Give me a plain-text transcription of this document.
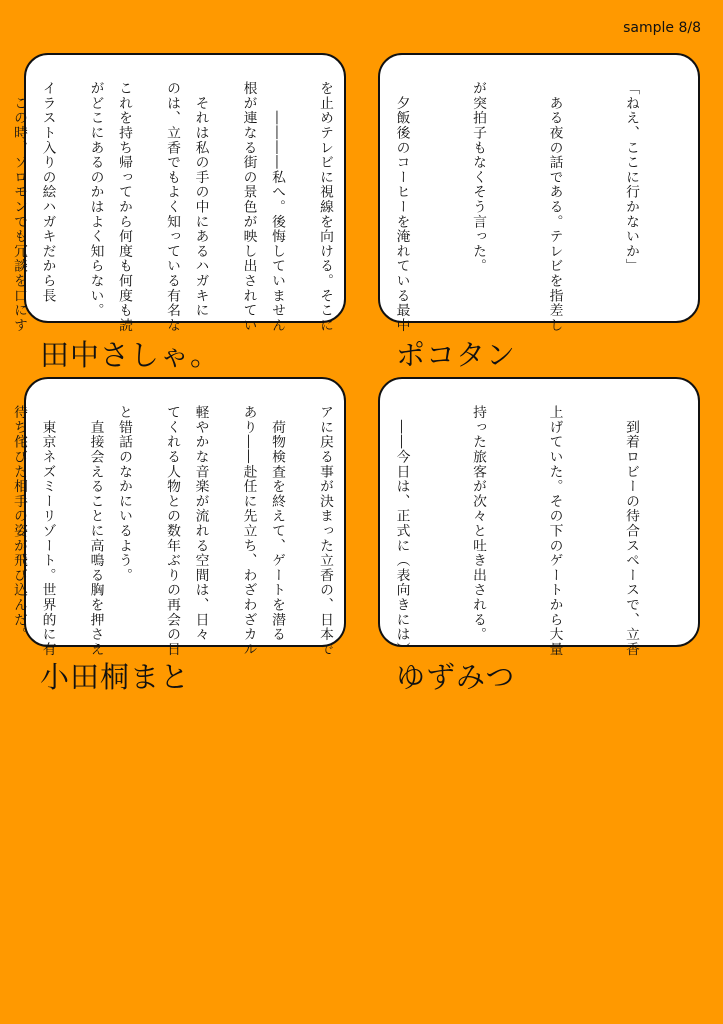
sample 8/8

　　――――私へ。後悔していません

　それは私の手の中にあるハガキに

これを持ち帰ってから何度も何度も読

イラスト入りの絵ハガキだから長

田中さしゃ。

「ねえ、ここに行かないか」

　ある夜の話である。テレビを指差し

が突拍子もなくそう言った。

　夕飯後のコーヒーを淹れている最中

を止めテレビに視線を向ける。そこに

根が連なる街の景色が映し出されてい

のは、立香でもよく知っている有名な

がどこにあるのかはよく知らない。

　この時、ソロモンでも冗談を口にす

ポコタン

　荷物検査を終えて、ゲートを潜る

軽やかな音楽が流れる空間は、日々

と错話のなかにいるよう。

　東京ネズミーリゾート。世界的に有

小田桐まと

　到着ロビーの待合スペースで、立香

上げていた。その下のゲートから大量

持った旅客が次々と吐き出される。

　――今日は、正式に（表向きには）

アに戻る事が決まった立香の、日本で

あり――赴任に先立ち、わざわざカル

てくれる人物との数年ぶりの再会の日

　直接会えることに高鳴る胸を押さえ

待ち侘びた相手の姿が飛び込んだ。

ゆずみつ
